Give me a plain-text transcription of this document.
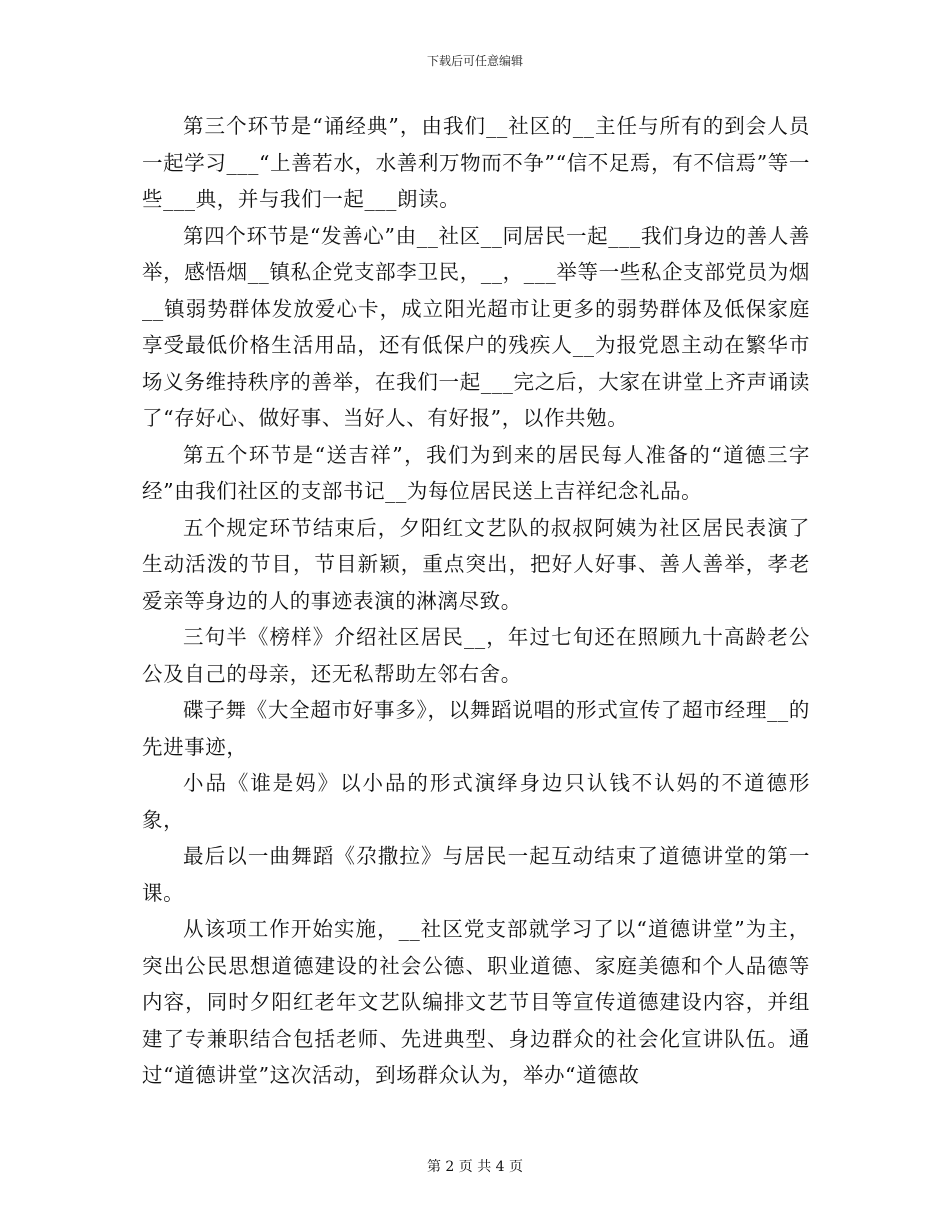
下载后可任意编辑

第三个环节是“诵经典”，由我们__社区的__主任与所有的到会人员一起学习___“上善若水，水善利万物而不争”“信不足焉，有不信焉”等一些___典，并与我们一起___朗读。

第四个环节是“发善心”由__社区__同居民一起___我们身边的善人善举，感悟烟__镇私企党支部李卫民，__，___举等一些私企支部党员为烟__镇弱势群体发放爱心卡，成立阳光超市让更多的弱势群体及低保家庭享受最低价格生活用品，还有低保户的残疾人__为报党恩主动在繁华市场义务维持秩序的善举，在我们一起___完之后，大家在讲堂上齐声诵读了“存好心、做好事、当好人、有好报”，以作共勉。

第五个环节是“送吉祥”，我们为到来的居民每人准备的“道德三字经”由我们社区的支部书记__为每位居民送上吉祥纪念礼品。

五个规定环节结束后，夕阳红文艺队的叔叔阿姨为社区居民表演了生动活泼的节目，节目新颖，重点突出，把好人好事、善人善举，孝老爱亲等身边的人的事迹表演的淋漓尽致。

三句半《榜样》介绍社区居民__，年过七旬还在照顾九十高龄老公公及自己的母亲，还无私帮助左邻右舍。

碟子舞《大全超市好事多》，以舞蹈说唱的形式宣传了超市经理__的先进事迹，

小品《谁是妈》以小品的形式演绎身边只认钱不认妈的不道德形象，

最后以一曲舞蹈《尕撒拉》与居民一起互动结束了道德讲堂的第一课。

从该项工作开始实施，__社区党支部就学习了以“道德讲堂”为主，突出公民思想道德建设的社会公德、职业道德、家庭美德和个人品德等内容，同时夕阳红老年文艺队编排文艺节目等宣传道德建设内容，并组建了专兼职结合包括老师、先进典型、身边群众的社会化宣讲队伍。通过“道德讲堂”这次活动，到场群众认为，举办“道德故

第 2 页 共 4 页
